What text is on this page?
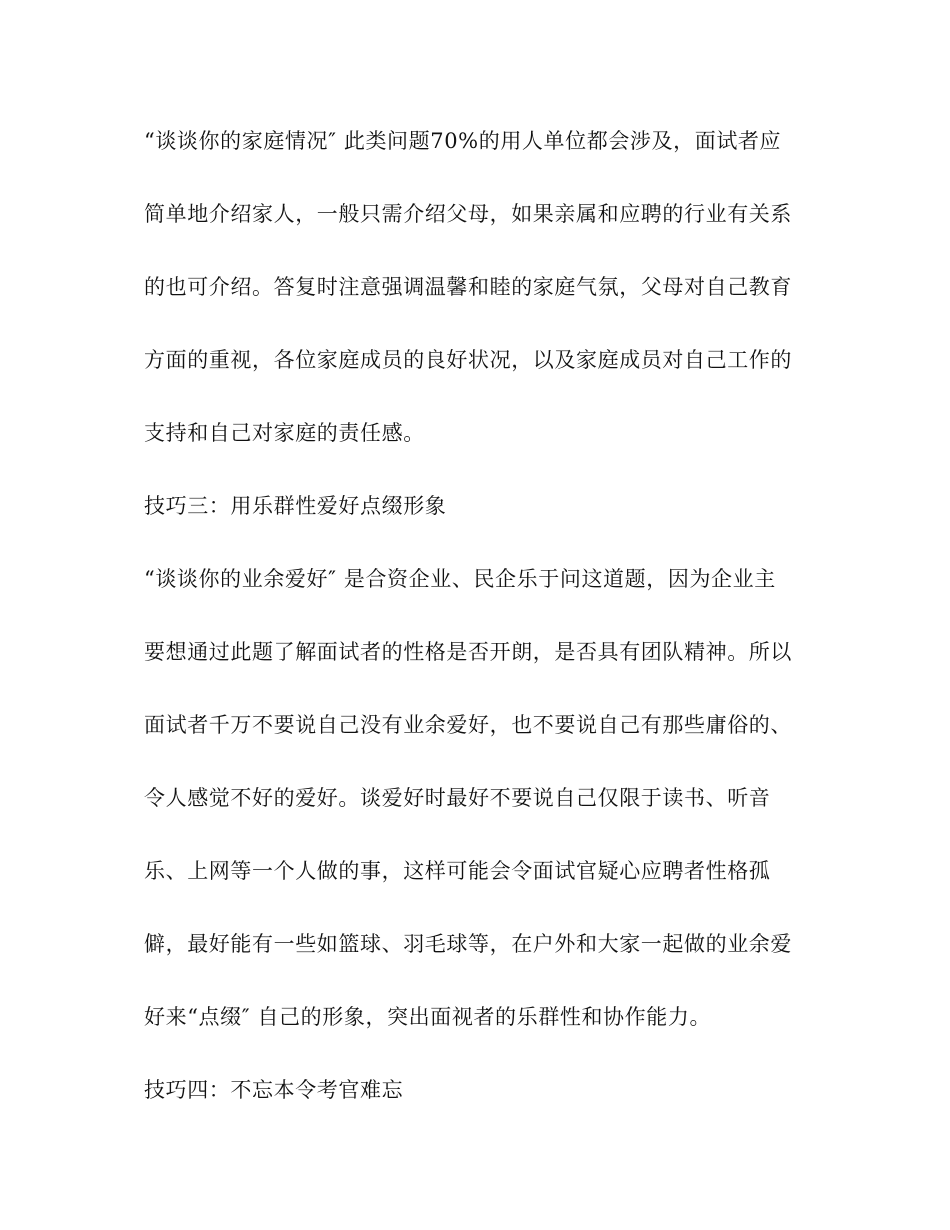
“谈谈你的家庭情况″ 此类问题70%的用人单位都会涉及，面试者应
简单地介绍家人，一般只需介绍父母，如果亲属和应聘的行业有关系
的也可介绍。答复时注意强调温馨和睦的家庭气氛，父母对自己教育
方面的重视，各位家庭成员的良好状况，以及家庭成员对自己工作的
支持和自己对家庭的责任感。
技巧三：用乐群性爱好点缀形象
“谈谈你的业余爱好″ 是合资企业、民企乐于问这道题，因为企业主
要想通过此题了解面试者的性格是否开朗，是否具有团队精神。所以
面试者千万不要说自己没有业余爱好，也不要说自己有那些庸俗的、
令人感觉不好的爱好。谈爱好时最好不要说自己仅限于读书、听音
乐、上网等一个人做的事，这样可能会令面试官疑心应聘者性格孤
僻，最好能有一些如篮球、羽毛球等，在户外和大家一起做的业余爱
好来“点缀″ 自己的形象，突出面视者的乐群性和协作能力。
技巧四：不忘本令考官难忘
